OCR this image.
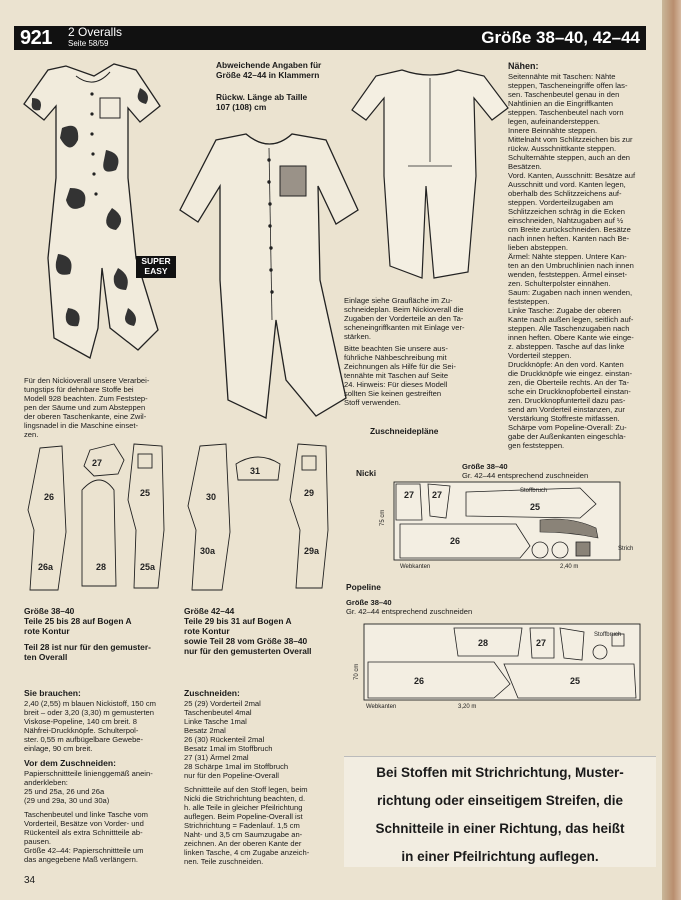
921 2 Overalls
Seite 58/59	Größe 38–40, 42–44
SUPER
EASY
Abweichende Angaben für
Größe 42–44 in Klammern
Rückw. Länge ab Taille
107 (108) cm
Nähen:
Seitennähte mit Taschen: Nähte
steppen, Tascheneingriffe offen las-
sen. Taschenbeutel genau in den
Nahtlinien an die Eingriffkanten
steppen. Taschenbeutel nach vorn
legen, aufeinandersteppen.
Innere Beinnähte steppen.
Mittelnaht vom Schlitzzeichen bis zur
rückw. Ausschnittkante steppen.
Schulternähte steppen, auch an den
Besätzen.
Vord. Kanten, Ausschnitt: Besätze auf
Ausschnitt und vord. Kanten legen,
oberhalb des Schlitzzeichens auf-
steppen. Vorderteilzugaben am
Schlitzzeichen schräg in die Ecken
einschneiden, Nahtzugaben auf ½
cm Breite zurückschneiden. Besätze
nach innen heften. Kanten nach Be-
lieben absteppen.
Ärmel: Nähte steppen. Untere Kan-
ten an den Umbruchlinien nach innen
wenden, feststeppen. Ärmel einset-
zen. Schulterpolster einnähen.
Saum: Zugaben nach innen wenden,
feststeppen.
Linke Tasche: Zugabe der oberen
Kante nach außen legen, seitlich auf-
steppen. Alle Taschenzugaben nach
innen heften. Obere Kante wie einge-
z. absteppen. Tasche auf das linke
Vorderteil steppen.
Druckknöpfe: An den vord. Kanten
die Druckknöpfe wie eingez. einstan-
zen, die Oberteile rechts. An der Ta-
sche ein Druckknopfoberteil einstan-
zen. Druckknopfunterteil dazu pas-
send am Vorderteil einstanzen, zur
Verstärkung Stoffreste mitfassen.
Schärpe vom Popeline-Overall: Zu-
gabe der Außenkanten eingeschla-
gen feststeppen.
Für den Nickioverall unsere Verarbei-
tungstips für dehnbare Stoffe bei
Modell 928 beachten. Zum Feststep-
pen der Säume und zum Absteppen
der oberen Taschenkante, eine Zwil-
lingsnadel in die Maschine einset-
zen.
Einlage siehe Graufläche im Zu-
schneideplan. Beim Nickioverall die
Zugaben der Vorderteile an den Ta-
scheneingriffkanten mit Einlage ver-
stärken.
Bitte beachten Sie unsere aus-
führliche Nähbeschreibung mit
Zeichnungen als Hilfe für die Sei-
tennähte mit Taschen auf Seite
24. Hinweis: Für dieses Modell
sollten Sie keinen gestreiften
Stoff verwenden.
Zuschneidepläne
26
27
25
28
26a	25a
30
31
29
30a	29a
Nicki
Größe 38–40
Gr. 42–44 entsprechend zuschneiden
27 27
25
26
Stoffbruch
75 cm
Webkanten	2,40 m
Strich
Popeline
Größe 38–40
Gr. 42–44 entsprechend zuschneiden
28	27
26	25
Stoffbruch
70 cm
Webkanten	3,20 m
Größe 38–40
Teile 25 bis 28 auf Bogen A
rote Kontur
Teil 28 ist nur für den gemuster-
ten Overall
Größe 42–44
Teile 29 bis 31 auf Bogen A
rote Kontur
sowie Teil 28 vom Größe 38–40
nur für den gemusterten Overall
Sie brauchen:
2,40 (2,55) m blauen Nickistoff, 150 cm
breit – oder 3,20 (3,30) m gemusterten
Viskose-Popeline, 140 cm breit. 8
Nähfrei-Druckknöpfe. Schulterpol-
ster. 0,55 m aufbügelbare Gewebe-
einlage, 90 cm breit.
Vor dem Zuschneiden:
Papierschnittteile linienggemäß anein-
anderkleben:
25 und 25a, 26 und 26a
(29 und 29a, 30 und 30a)
Taschenbeutel und linke Tasche vom
Vorderteil, Besätze von Vorder- und
Rückenteil als extra Schnittteile ab-
pausen.
Größe 42–44: Papierschnittteile um
das angegebene Maß verlängern.
Zuschneiden:
25 (29) Vorderteil 2mal
Taschenbeutel 4mal
Linke Tasche 1mal
Besatz 2mal
26 (30) Rückenteil 2mal
Besatz 1mal im Stoffbruch
27 (31) Ärmel 2mal
28 Schärpe 1mal im Stoffbruch
nur für den Popeline-Overall
Schnittteile auf den Stoff legen, beim
Nicki die Strichrichtung beachten, d.
h. alle Teile in gleicher Pfeilrichtung
auflegen. Beim Popeline-Overall ist
Strichrichtung = Fadenlauf. 1,5 cm
Naht- und 3,5 cm Saumzugabe an-
zeichnen. An der oberen Kante der
linken Tasche, 4 cm Zugabe anzeich-
nen. Teile zuschneiden.
Bei Stoffen mit Strichrichtung, Muster-
richtung oder einseitigem Streifen, die
Schnitteile in einer Richtung, das heißt
in einer Pfeilrichtung auflegen.
34
